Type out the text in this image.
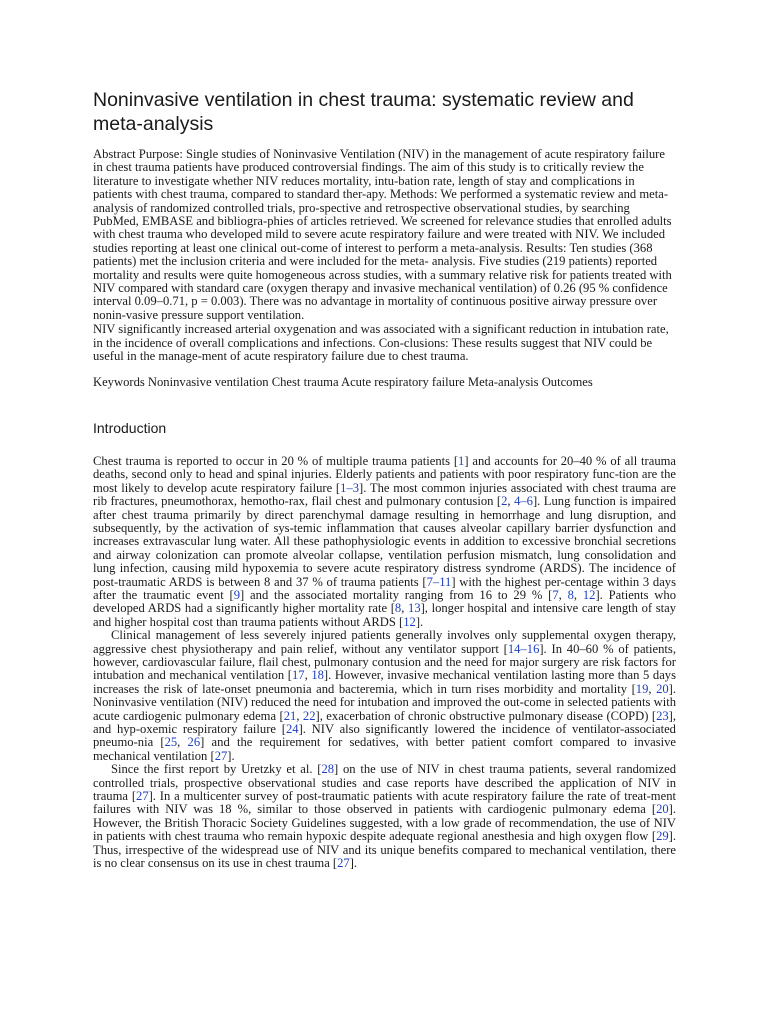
Noninvasive ventilation in chest trauma: systematic review and meta-analysis

Abstract Purpose: Single studies of Noninvasive Ventilation (NIV) in the management of acute respiratory failure in chest trauma patients have produced controversial findings. The aim of this study is to critically review the literature to investigate whether NIV reduces mortality, intu-bation rate, length of stay and complications in patients with chest trauma, compared to standard ther-apy. Methods: We performed a systematic review and meta-analysis of randomized controlled trials, pro-spective and retrospective observational studies, by searching PubMed, EMBASE and bibliogra-phies of articles retrieved. We screened for relevance studies that enrolled adults with chest trauma who developed mild to severe acute respiratory failure and were treated with NIV. We included studies reporting at least one clinical out-come of interest to perform a meta-analysis. Results: Ten studies (368 patients) met the inclusion criteria and were included for the meta- analysis. Five studies (219 patients) reported mortality and results were quite homogeneous across studies, with a summary relative risk for patients treated with NIV compared with standard care (oxygen therapy and invasive mechanical ventilation) of 0.26 (95 % confidence interval 0.09–0.71, p = 0.003). There was no advantage in mortality of continuous positive airway pressure over nonin-vasive pressure support ventilation.

NIV significantly increased arterial oxygenation and was associated with a significant reduction in intubation rate, in the incidence of overall complications and infections. Con-clusions: These results suggest that NIV could be useful in the manage-ment of acute respiratory failure due to chest trauma.

Keywords Noninvasive ventilation Chest trauma Acute respiratory failure Meta-analysis Outcomes

Introduction

Chest trauma is reported to occur in 20 % of multiple trauma patients [1] and accounts for 20–40 % of all trauma deaths, second only to head and spinal injuries. Elderly patients and patients with poor respiratory func-tion are the most likely to develop acute respiratory failure [1–3]. The most common injuries associated with chest trauma are rib fractures, pneumothorax, hemotho-rax, flail chest and pulmonary contusion [2, 4–6]. Lung function is impaired after chest trauma primarily by direct parenchymal damage resulting in hemorrhage and lung disruption, and subsequently, by the activation of sys-temic inflammation that causes alveolar capillary barrier dysfunction and increases extravascular lung water. All these pathophysiologic events in addition to excessive bronchial secretions and airway colonization can promote alveolar collapse, ventilation perfusion mismatch, lung consolidation and lung infection, causing mild hypoxemia to severe acute respiratory distress syndrome (ARDS). The incidence of post-traumatic ARDS is between 8 and 37 % of trauma patients [7–11] with the highest per-centage within 3 days after the traumatic event [9] and the associated mortality ranging from 16 to 29 % [7, 8, 12]. Patients who developed ARDS had a significantly higher mortality rate [8, 13], longer hospital and intensive care length of stay and higher hospital cost than trauma patients without ARDS [12].

Clinical management of less severely injured patients generally involves only supplemental oxygen therapy, aggressive chest physiotherapy and pain relief, without any ventilator support [14–16]. In 40–60 % of patients, however, cardiovascular failure, flail chest, pulmonary contusion and the need for major surgery are risk factors for intubation and mechanical ventilation [17, 18]. However, invasive mechanical ventilation lasting more than 5 days increases the risk of late-onset pneumonia and bacteremia, which in turn rises morbidity and mortality [19, 20]. Noninvasive ventilation (NIV) reduced the need for intubation and improved the out-come in selected patients with acute cardiogenic pulmonary edema [21, 22], exacerbation of chronic obstructive pulmonary disease (COPD) [23], and hyp-oxemic respiratory failure [24]. NIV also significantly lowered the incidence of ventilator-associated pneumo-nia [25, 26] and the requirement for sedatives, with better patient comfort compared to invasive mechanical ventilation [27].

Since the first report by Uretzky et al. [28] on the use of NIV in chest trauma patients, several randomized controlled trials, prospective observational studies and case reports have described the application of NIV in trauma [27]. In a multicenter survey of post-traumatic patients with acute respiratory failure the rate of treat-ment failures with NIV was 18 %, similar to those observed in patients with cardiogenic pulmonary edema [20]. However, the British Thoracic Society Guidelines suggested, with a low grade of recommendation, the use of NIV in patients with chest trauma who remain hypoxic despite adequate regional anesthesia and high oxygen flow [29]. Thus, irrespective of the widespread use of NIV and its unique benefits compared to mechanical ventilation, there is no clear consensus on its use in chest trauma [27].
